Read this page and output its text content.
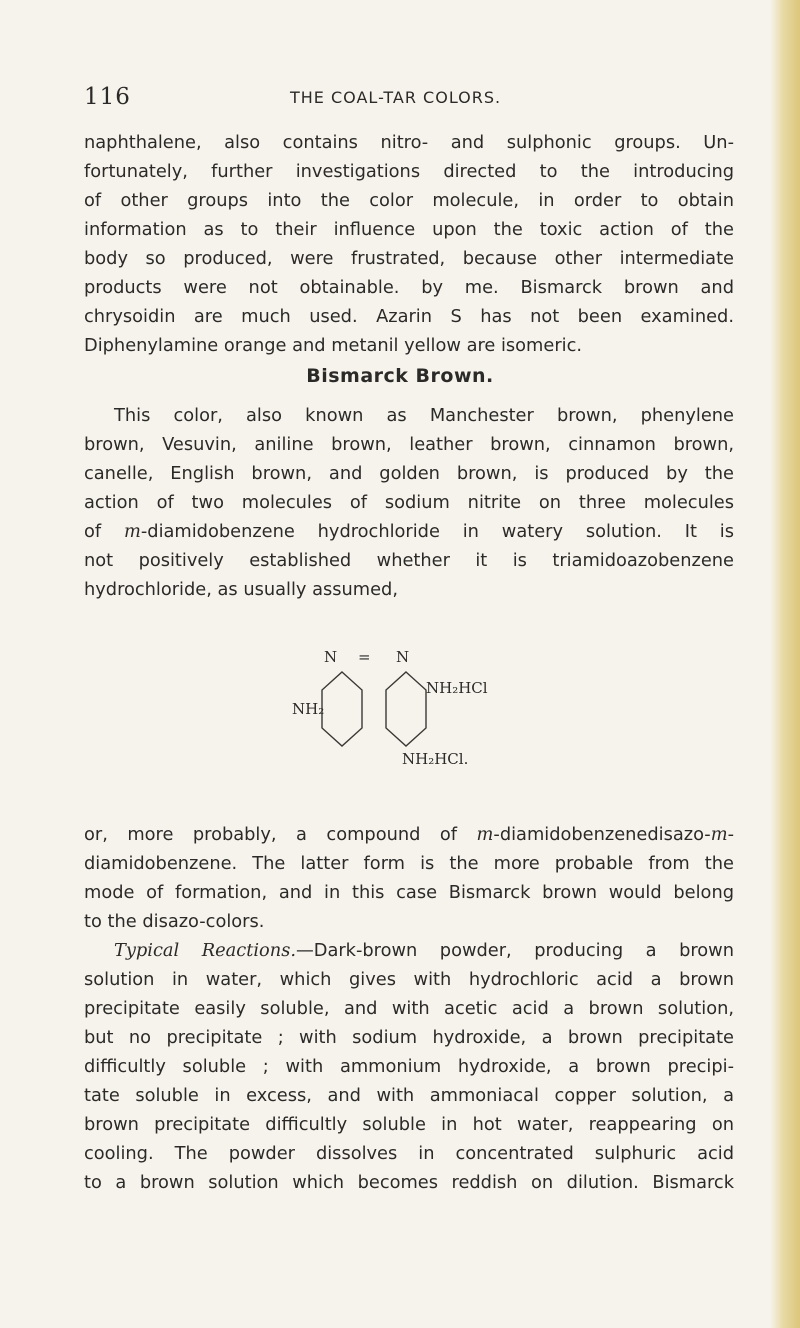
116	THE COAL-TAR COLORS.
naphthalene, also contains nitro- and sulphonic groups. Un-
fortunately, further investigations directed to the introducing
of other groups into the color molecule, in order to obtain
information as to their influence upon the toxic action of the
body so produced, were frustrated, because other intermediate
products were not obtainable. by me. Bismarck brown and
chrysoidin are much used. Azarin S has not been examined.
Diphenylamine orange and metanil yellow are isomeric.
Bismarck Brown.
This color, also known as Manchester brown, phenylene
brown, Vesuvin, aniline brown, leather brown, cinnamon brown,
canelle, English brown, and golden brown, is produced by the
action of two molecules of sodium nitrite on three molecules
of m-diamidobenzene hydrochloride in watery solution. It is
not positively established whether it is triamidoazobenzene
hydrochloride, as usually assumed,
N = N
NH₂
NH₂HCl
NH₂HCl.
or, more probably, a compound of m-diamidobenzenedisazo-m-
diamidobenzene. The latter form is the more probable from the
mode of formation, and in this case Bismarck brown would belong
to the disazo-colors.
Typical Reactions.—Dark-brown powder, producing a brown
solution in water, which gives with hydrochloric acid a brown
precipitate easily soluble, and with acetic acid a brown solution,
but no precipitate ; with sodium hydroxide, a brown precipitate
difficultly soluble ; with ammonium hydroxide, a brown precipi-
tate soluble in excess, and with ammoniacal copper solution, a
brown precipitate difficultly soluble in hot water, reappearing on
cooling. The powder dissolves in concentrated sulphuric acid
to a brown solution which becomes reddish on dilution. Bismarck
